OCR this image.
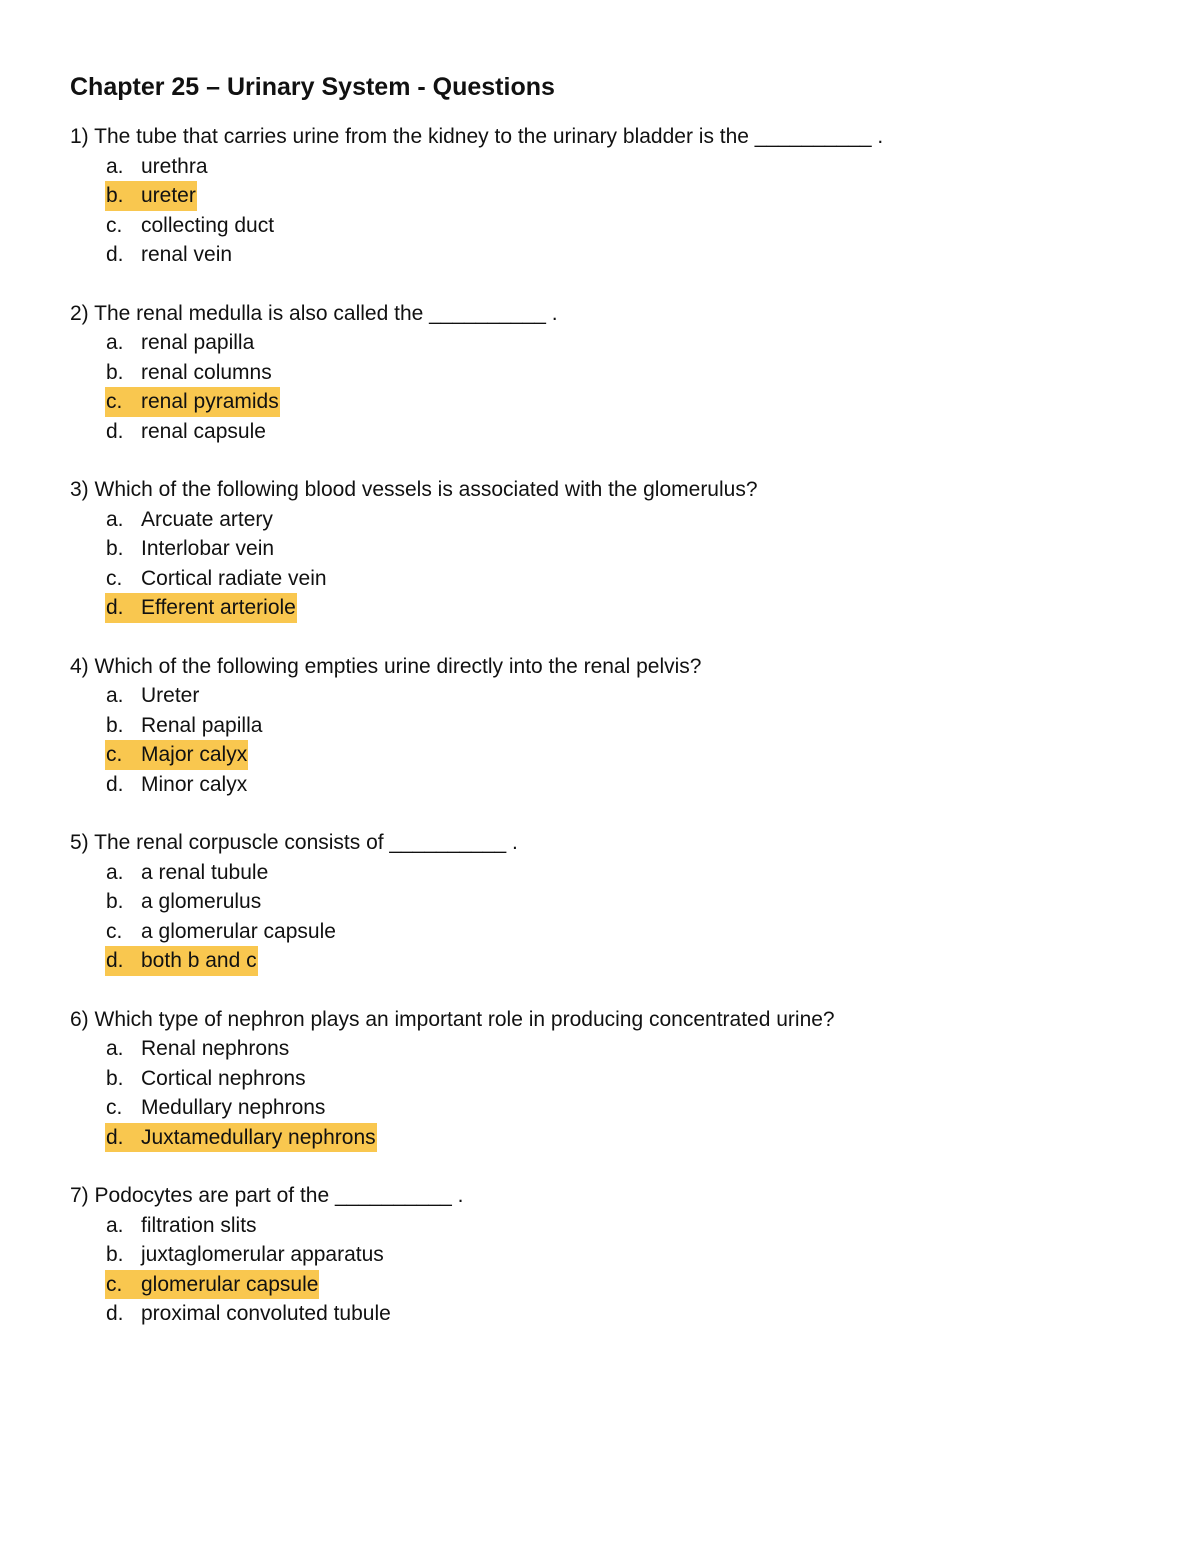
Chapter 25 – Urinary System - Questions

1) The tube that carries urine from the kidney to the urinary bladder is the __________ .

a. urethra
b. ureter
c. collecting duct
d. renal vein

2) The renal medulla is also called the __________ .

a. renal papilla
b. renal columns
c. renal pyramids
d. renal capsule

3) Which of the following blood vessels is associated with the glomerulus?

a. Arcuate artery
b. Interlobar vein
c. Cortical radiate vein
d. Efferent arteriole

4) Which of the following empties urine directly into the renal pelvis?

a. Ureter
b. Renal papilla
c. Major calyx
d. Minor calyx

5) The renal corpuscle consists of __________ .

a. a renal tubule
b. a glomerulus
c. a glomerular capsule
d. both b and c

6) Which type of nephron plays an important role in producing concentrated urine?

a. Renal nephrons
b. Cortical nephrons
c. Medullary nephrons
d. Juxtamedullary nephrons

7) Podocytes are part of the __________ .

a. filtration slits
b. juxtaglomerular apparatus
c. glomerular capsule
d. proximal convoluted tubule
